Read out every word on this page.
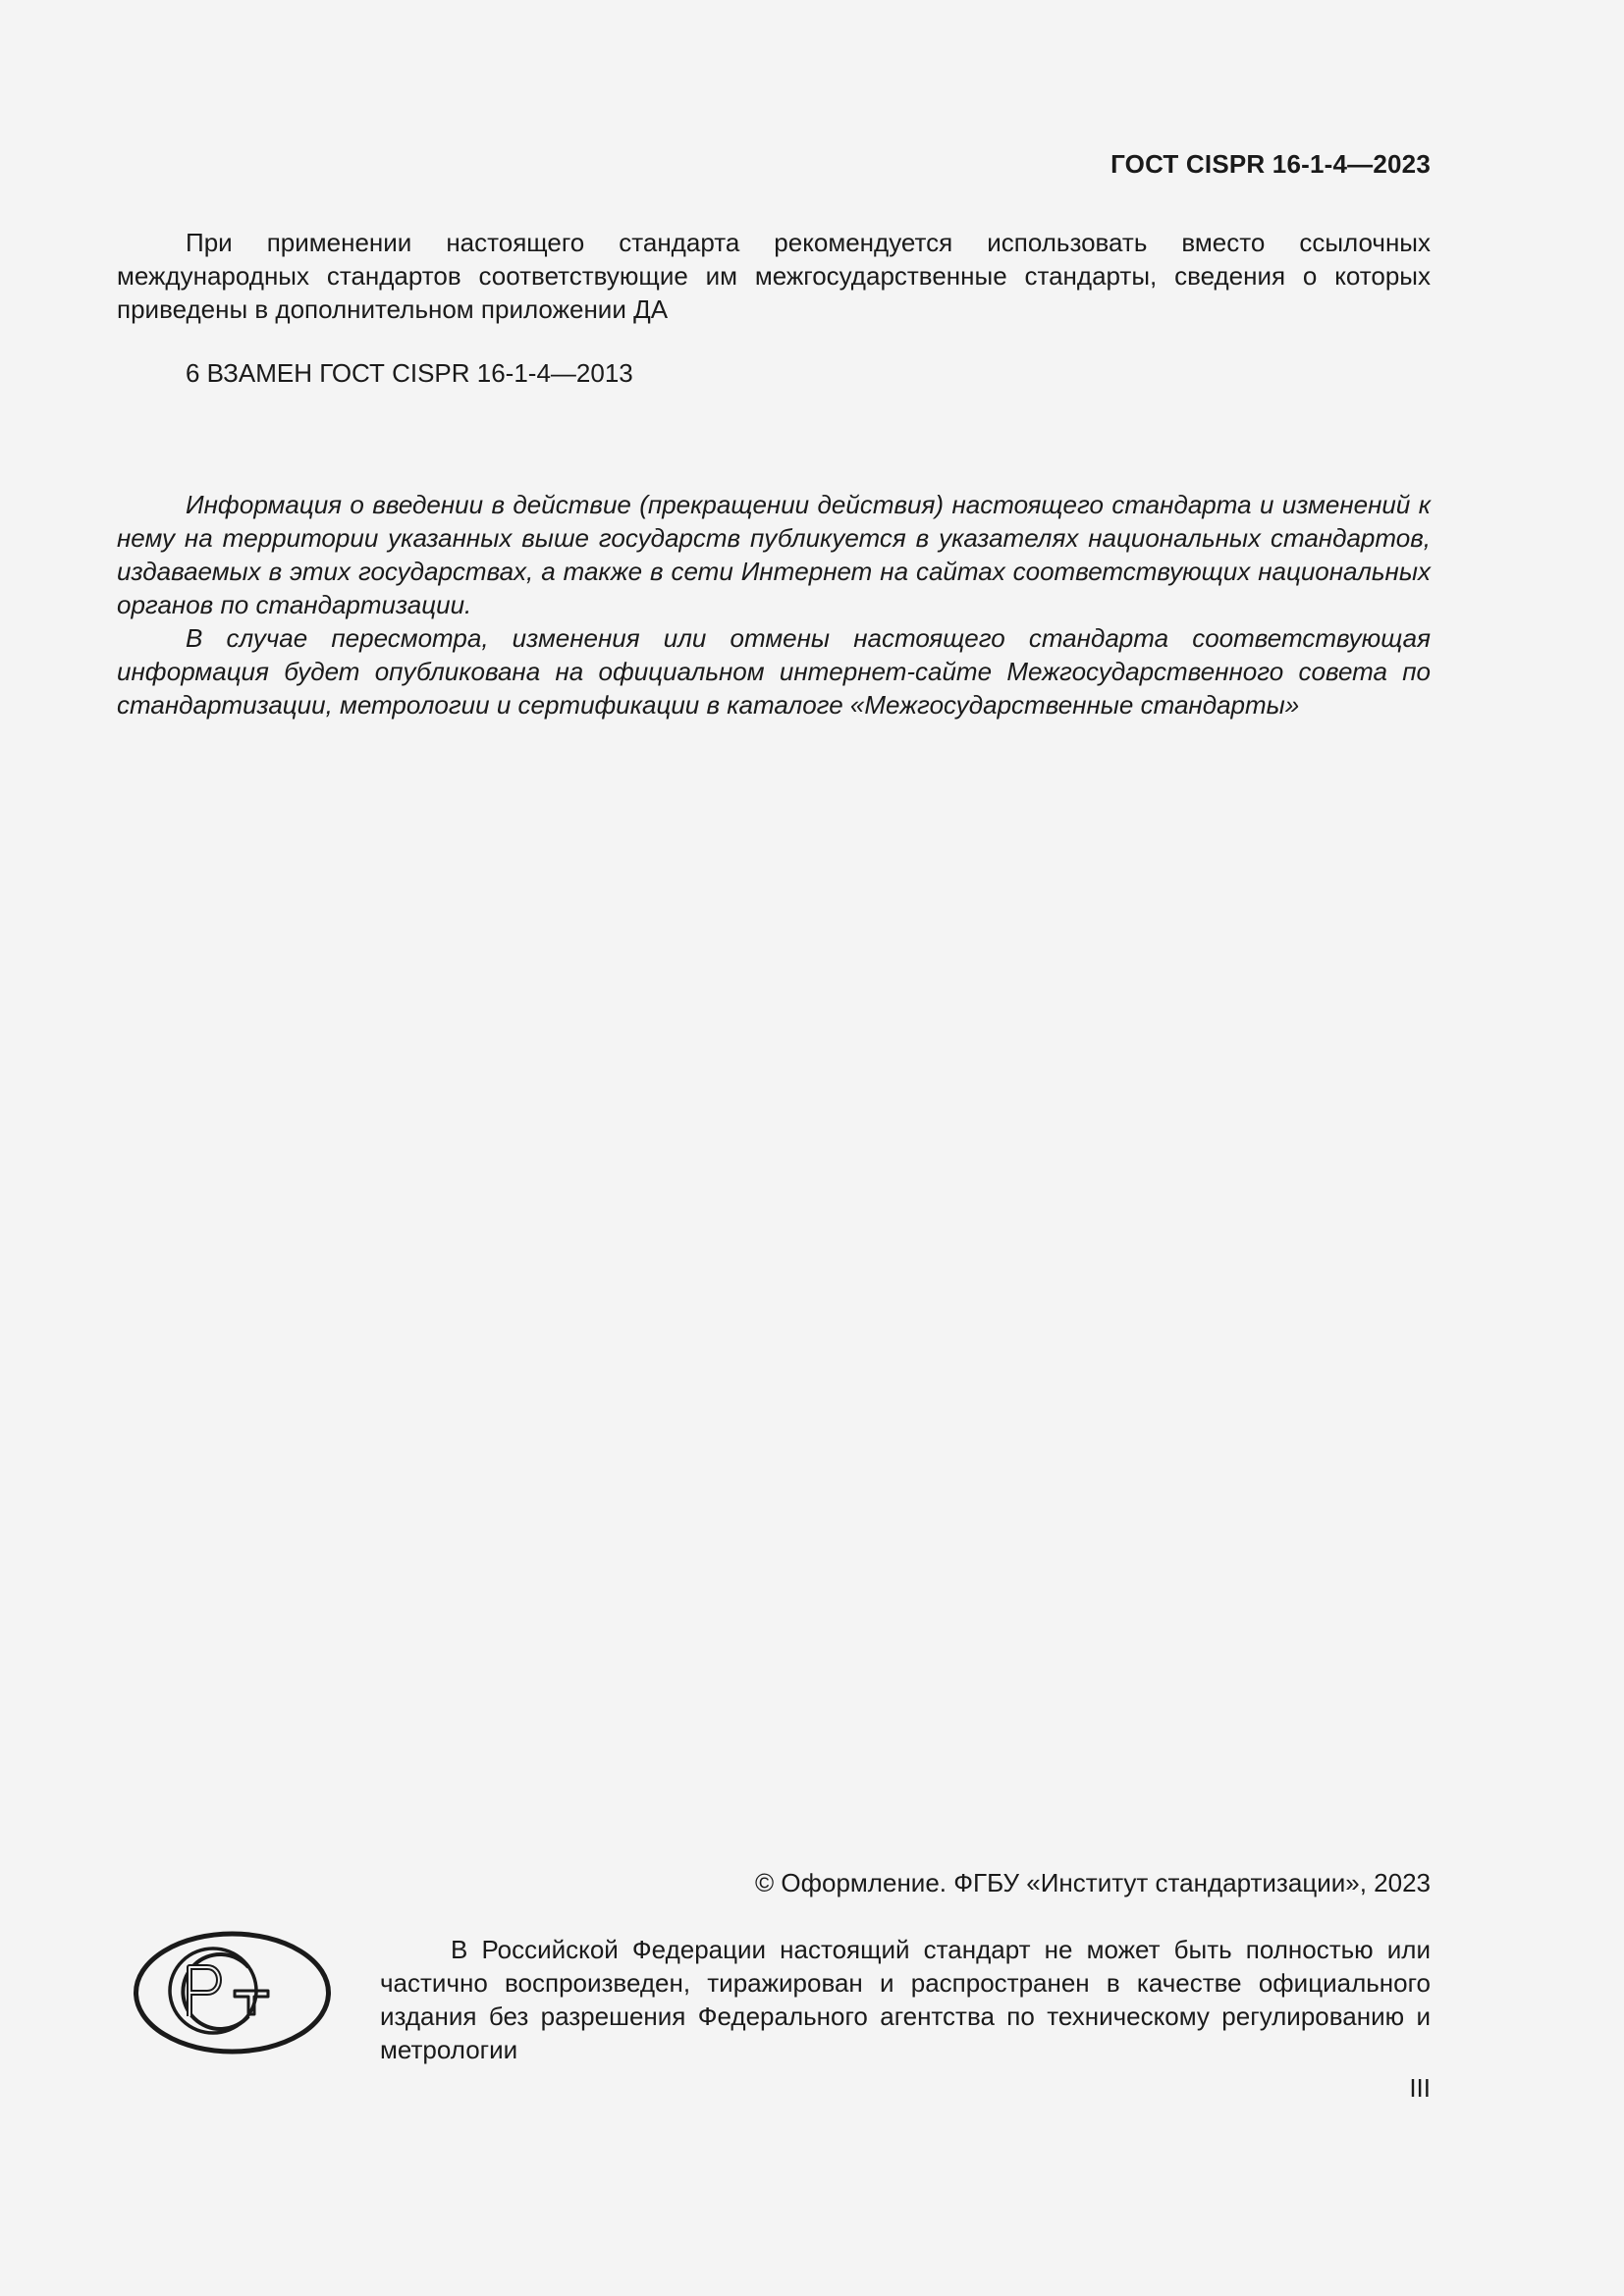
ГОСТ CISPR 16-1-4—2023

При применении настоящего стандарта рекомендуется использовать вместо ссылочных международных стандартов соответствующие им межгосударственные стандарты, сведения о которых приведены в дополнительном приложении ДА

6 ВЗАМЕН ГОСТ CISPR 16-1-4—2013

Информация о введении в действие (прекращении действия) настоящего стандарта и изменений к нему на территории указанных выше государств публикуется в указателях национальных стандартов, издаваемых в этих государствах, а также в сети Интернет на сайтах соответствующих национальных органов по стандартизации.

В случае пересмотра, изменения или отмены настоящего стандарта соответствующая информация будет опубликована на официальном интернет-сайте Межгосударственного совета по стандартизации, метрологии и сертификации в каталоге «Межгосударственные стандарты»

© Оформление. ФГБУ «Институт стандартизации», 2023

В Российской Федерации настоящий стандарт не может быть полностью или частично воспроизведен, тиражирован и распространен в качестве официального издания без разрешения Федерального агентства по техническому регулированию и метрологии

III
